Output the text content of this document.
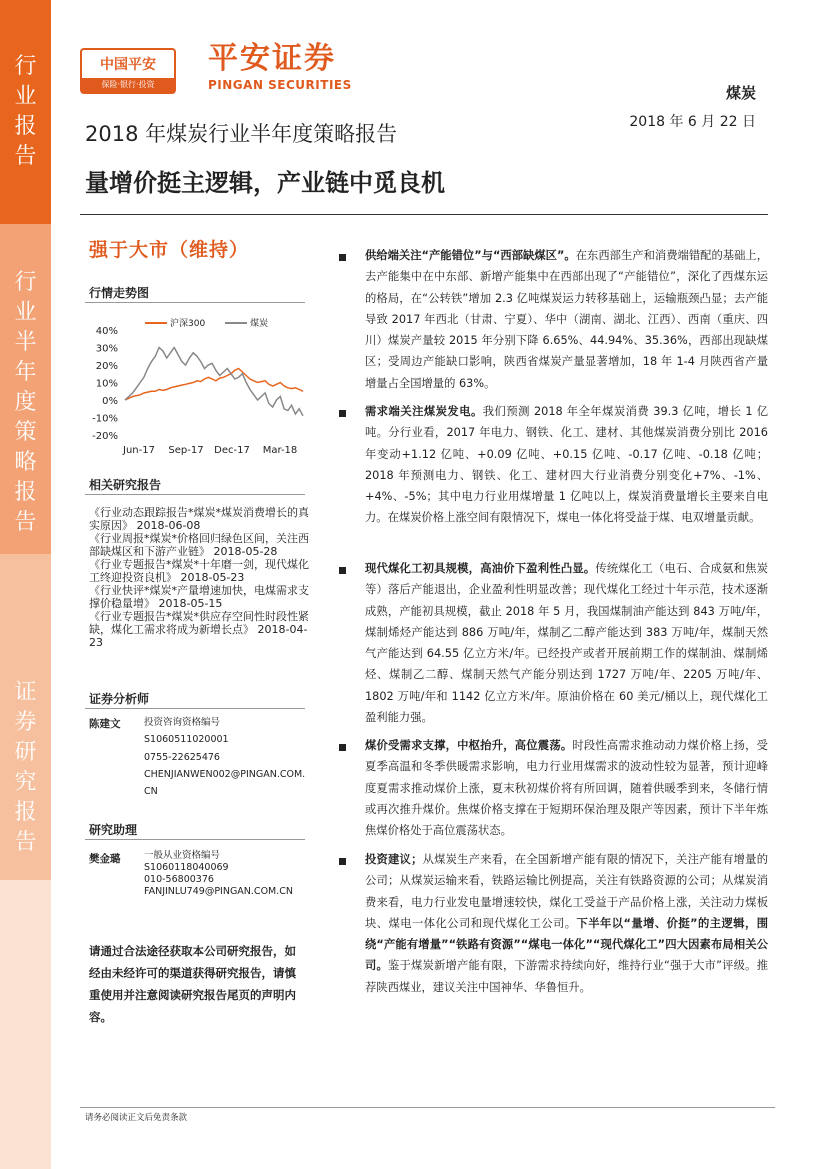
行业报告
行业半年度策略报告
证券研究报告
中国平安
保险·银行·投资
平安证券
PINGAN SECURITIES	煤炭
2018 年 6 月 22 日
2018 年煤炭行业半年度策略报告
量增价挺主逻辑，产业链中觅良机
强于大市（维持）
行情走势图
40%
30%
20%
10%
0%
-10%
-20%
Jun-17 Sep-17 Dec-17 Mar-18
沪深300	煤炭
相关研究报告
《行业动态跟踪报告*煤炭*煤炭消费增长的真实原因》 2018-06-08
《行业周报*煤炭*价格回归绿色区间，关注西部缺煤区和下游产业链》 2018-05-28
《行业专题报告*煤炭*十年磨一剑，现代煤化工终迎投资良机》 2018-05-23
《行业快评*煤炭*产量增速加快，电煤需求支撑价稳量增》 2018-05-15
《行业专题报告*煤炭*供应存空间性时段性紧缺，煤化工需求将成为新增长点》 2018-04-23
证券分析师
陈建文 投资咨询资格编号
S1060511020001
0755-22625476
CHENJIANWEN002@PINGAN.COM.
CN
研究助理
樊金璐 一般从业资格编号
S1060118040069
010-56800376
FANJINLU749@PINGAN.COM.CN
请通过合法途径获取本公司研究报告，如经由未经许可的渠道获得研究报告，请慎重使用并注意阅读研究报告尾页的声明内容。
供给端关注“产能错位”与“西部缺煤区”。在东西部生产和消费端错配的基础上，去产能集中在中东部、新增产能集中在西部出现了“产能错位”，深化了西煤东运的格局，在“公转铁”增加 2.3 亿吨煤炭运力转移基础上，运输瓶颈凸显；去产能导致 2017 年西北（甘肃、宁夏）、华中（湖南、湖北、江西）、西南（重庆、四川）煤炭产量较 2015 年分别下降 6.65%、44.94%、35.36%，西部出现缺煤区；受周边产能缺口影响，陕西省煤炭产量显著增加，18 年 1-4 月陕西省产量增量占全国增量的 63%。
需求端关注煤炭发电。我们预测 2018 年全年煤炭消费 39.3 亿吨，增长 1 亿吨。分行业看，2017 年电力、钢铁、化工、建材、其他煤炭消费分别比 2016 年变动+1.12 亿吨、+0.09 亿吨、+0.15 亿吨、-0.17 亿吨、-0.18 亿吨；2018 年预测电力、钢铁、化工、建材四大行业消费分别变化+7%、-1%、+4%、-5%；其中电力行业用煤增量 1 亿吨以上，煤炭消费量增长主要来自电力。在煤炭价格上涨空间有限情况下，煤电一体化将受益于煤、电双增量贡献。
现代煤化工初具规模，高油价下盈利性凸显。传统煤化工（电石、合成氨和焦炭等）落后产能退出，企业盈利性明显改善；现代煤化工经过十年示范，技术逐渐成熟，产能初具规模，截止 2018 年 5 月，我国煤制油产能达到 843 万吨/年，煤制烯烃产能达到 886 万吨/年，煤制乙二醇产能达到 383 万吨/年，煤制天然气产能达到 64.55 亿立方米/年。已经投产或者开展前期工作的煤制油、煤制烯烃、煤制乙二醇、煤制天然气产能分别达到 1727 万吨/年、2205 万吨/年、1802 万吨/年和 1142 亿立方米/年。原油价格在 60 美元/桶以上，现代煤化工盈利能力强。
煤价受需求支撑，中枢抬升，高位震荡。时段性高需求推动动力煤价格上扬，受夏季高温和冬季供暖需求影响，电力行业用煤需求的波动性较为显著，预计迎峰度夏需求推动煤价上涨，夏末秋初煤价将有所回调，随着供暖季到来，冬储行情或再次推升煤价。焦煤价格支撑在于短期环保治理及限产等因素，预计下半年炼焦煤价格处于高位震荡状态。
投资建议；从煤炭生产来看，在全国新增产能有限的情况下，关注产能有增量的公司；从煤炭运输来看，铁路运输比例提高，关注有铁路资源的公司；从煤炭消费来看，电力行业发电量增速较快，煤化工受益于产品价格上涨，关注动力煤板块、煤电一体化公司和现代煤化工公司。下半年以“量增、价挺”的主逻辑，围绕“产能有增量”“铁路有资源”“煤电一体化”“现代煤化工”四大因素布局相关公司。鉴于煤炭新增产能有限，下游需求持续向好，维持行业“强于大市”评级。推荐陕西煤业，建议关注中国神华、华鲁恒升。
请务必阅读正文后免责条款
